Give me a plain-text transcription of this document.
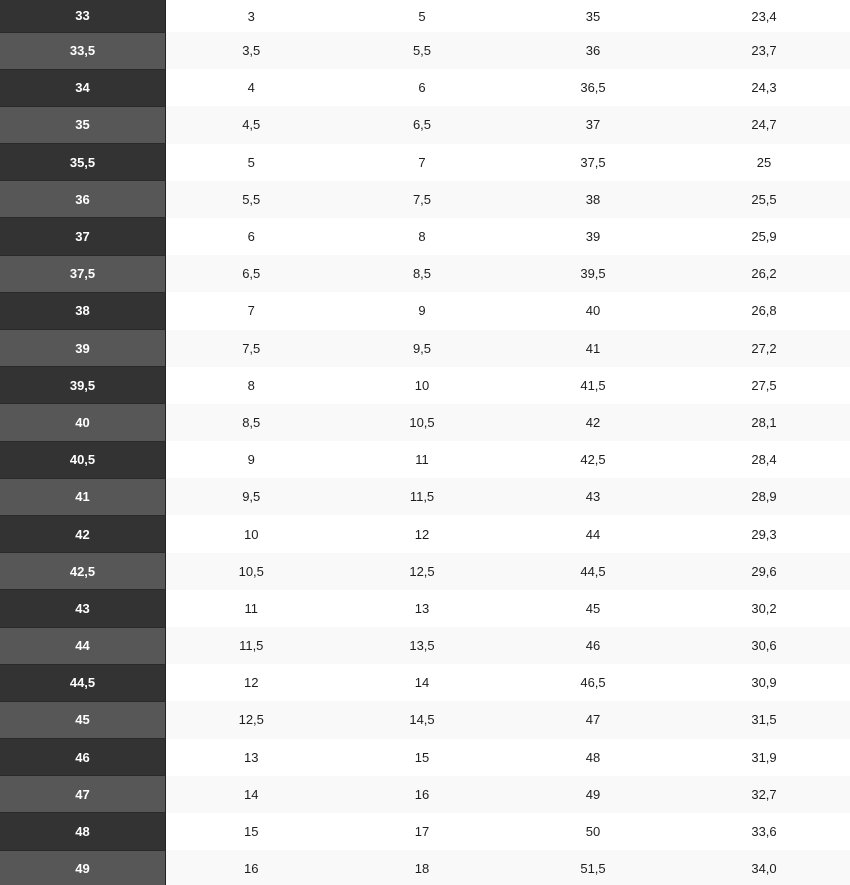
33	3	5	35	23,4
33,5	3,5	5,5	36	23,7
34	4	6	36,5	24,3
35	4,5	6,5	37	24,7
35,5	5	7	37,5	25
36	5,5	7,5	38	25,5
37	6	8	39	25,9
37,5	6,5	8,5	39,5	26,2
38	7	9	40	26,8
39	7,5	9,5	41	27,2
39,5	8	10	41,5	27,5
40	8,5	10,5	42	28,1
40,5	9	11	42,5	28,4
41	9,5	11,5	43	28,9
42	10	12	44	29,3
42,5	10,5	12,5	44,5	29,6
43	11	13	45	30,2
44	11,5	13,5	46	30,6
44,5	12	14	46,5	30,9
45	12,5	14,5	47	31,5
46	13	15	48	31,9
47	14	16	49	32,7
48	15	17	50	33,6
49	16	18	51,5	34,0
